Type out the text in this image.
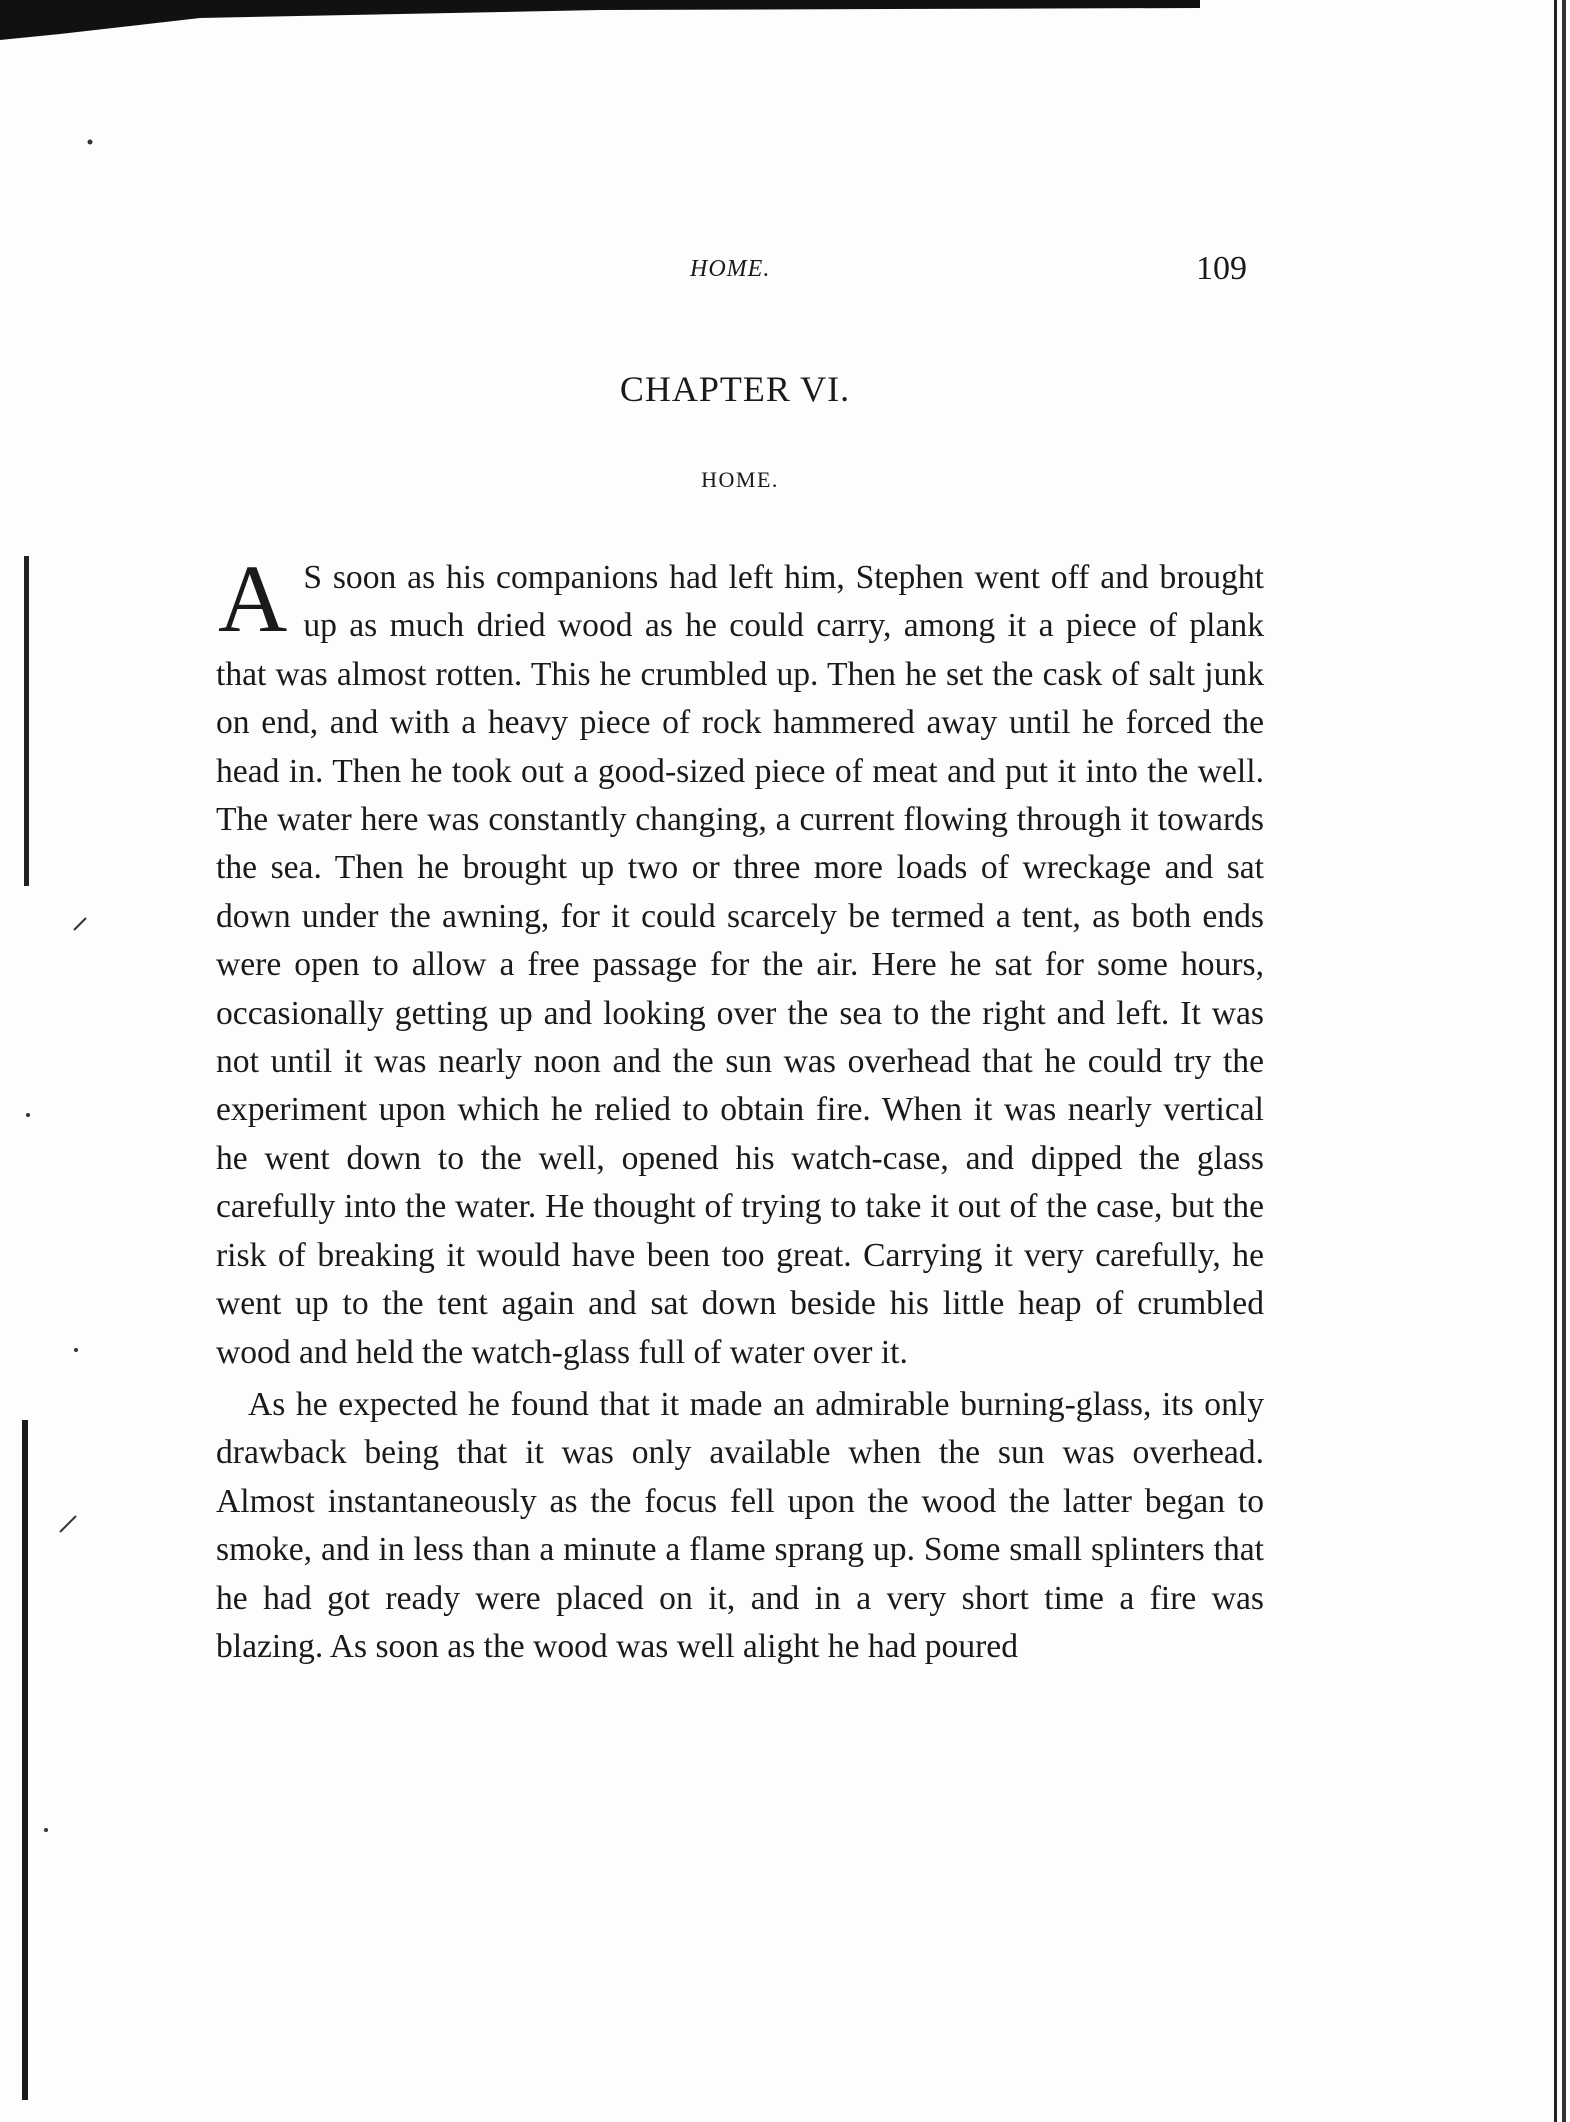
HOME.	109
CHAPTER VI.
HOME.

A S soon as his companions had left him, Stephen went off and brought up as much dried wood as he could carry, among it a piece of plank that was almost rotten. This he crumbled up. Then he set the cask of salt junk on end, and with a heavy piece of rock hammered away until he forced the head in. Then he took out a good-sized piece of meat and put it into the well. The water here was constantly changing, a current flowing through it towards the sea. Then he brought up two or three more loads of wreckage and sat down under the awning, for it could scarcely be termed a tent, as both ends were open to allow a free passage for the air. Here he sat for some hours, occasionally getting up and looking over the sea to the right and left. It was not until it was nearly noon and the sun was overhead that he could try the experiment upon which he relied to obtain fire. When it was nearly vertical he went down to the well, opened his watch-case, and dipped the glass carefully into the water. He thought of trying to take it out of the case, but the risk of breaking it would have been too great. Carrying it very carefully, he went up to the tent again and sat down beside his little heap of crumbled wood and held the watch-glass full of water over it.

As he expected he found that it made an admirable burning-glass, its only drawback being that it was only available when the sun was overhead. Almost instantaneously as the focus fell upon the wood the latter began to smoke, and in less than a minute a flame sprang up. Some small splinters that he had got ready were placed on it, and in a very short time a fire was blazing. As soon as the wood was well alight he had poured
